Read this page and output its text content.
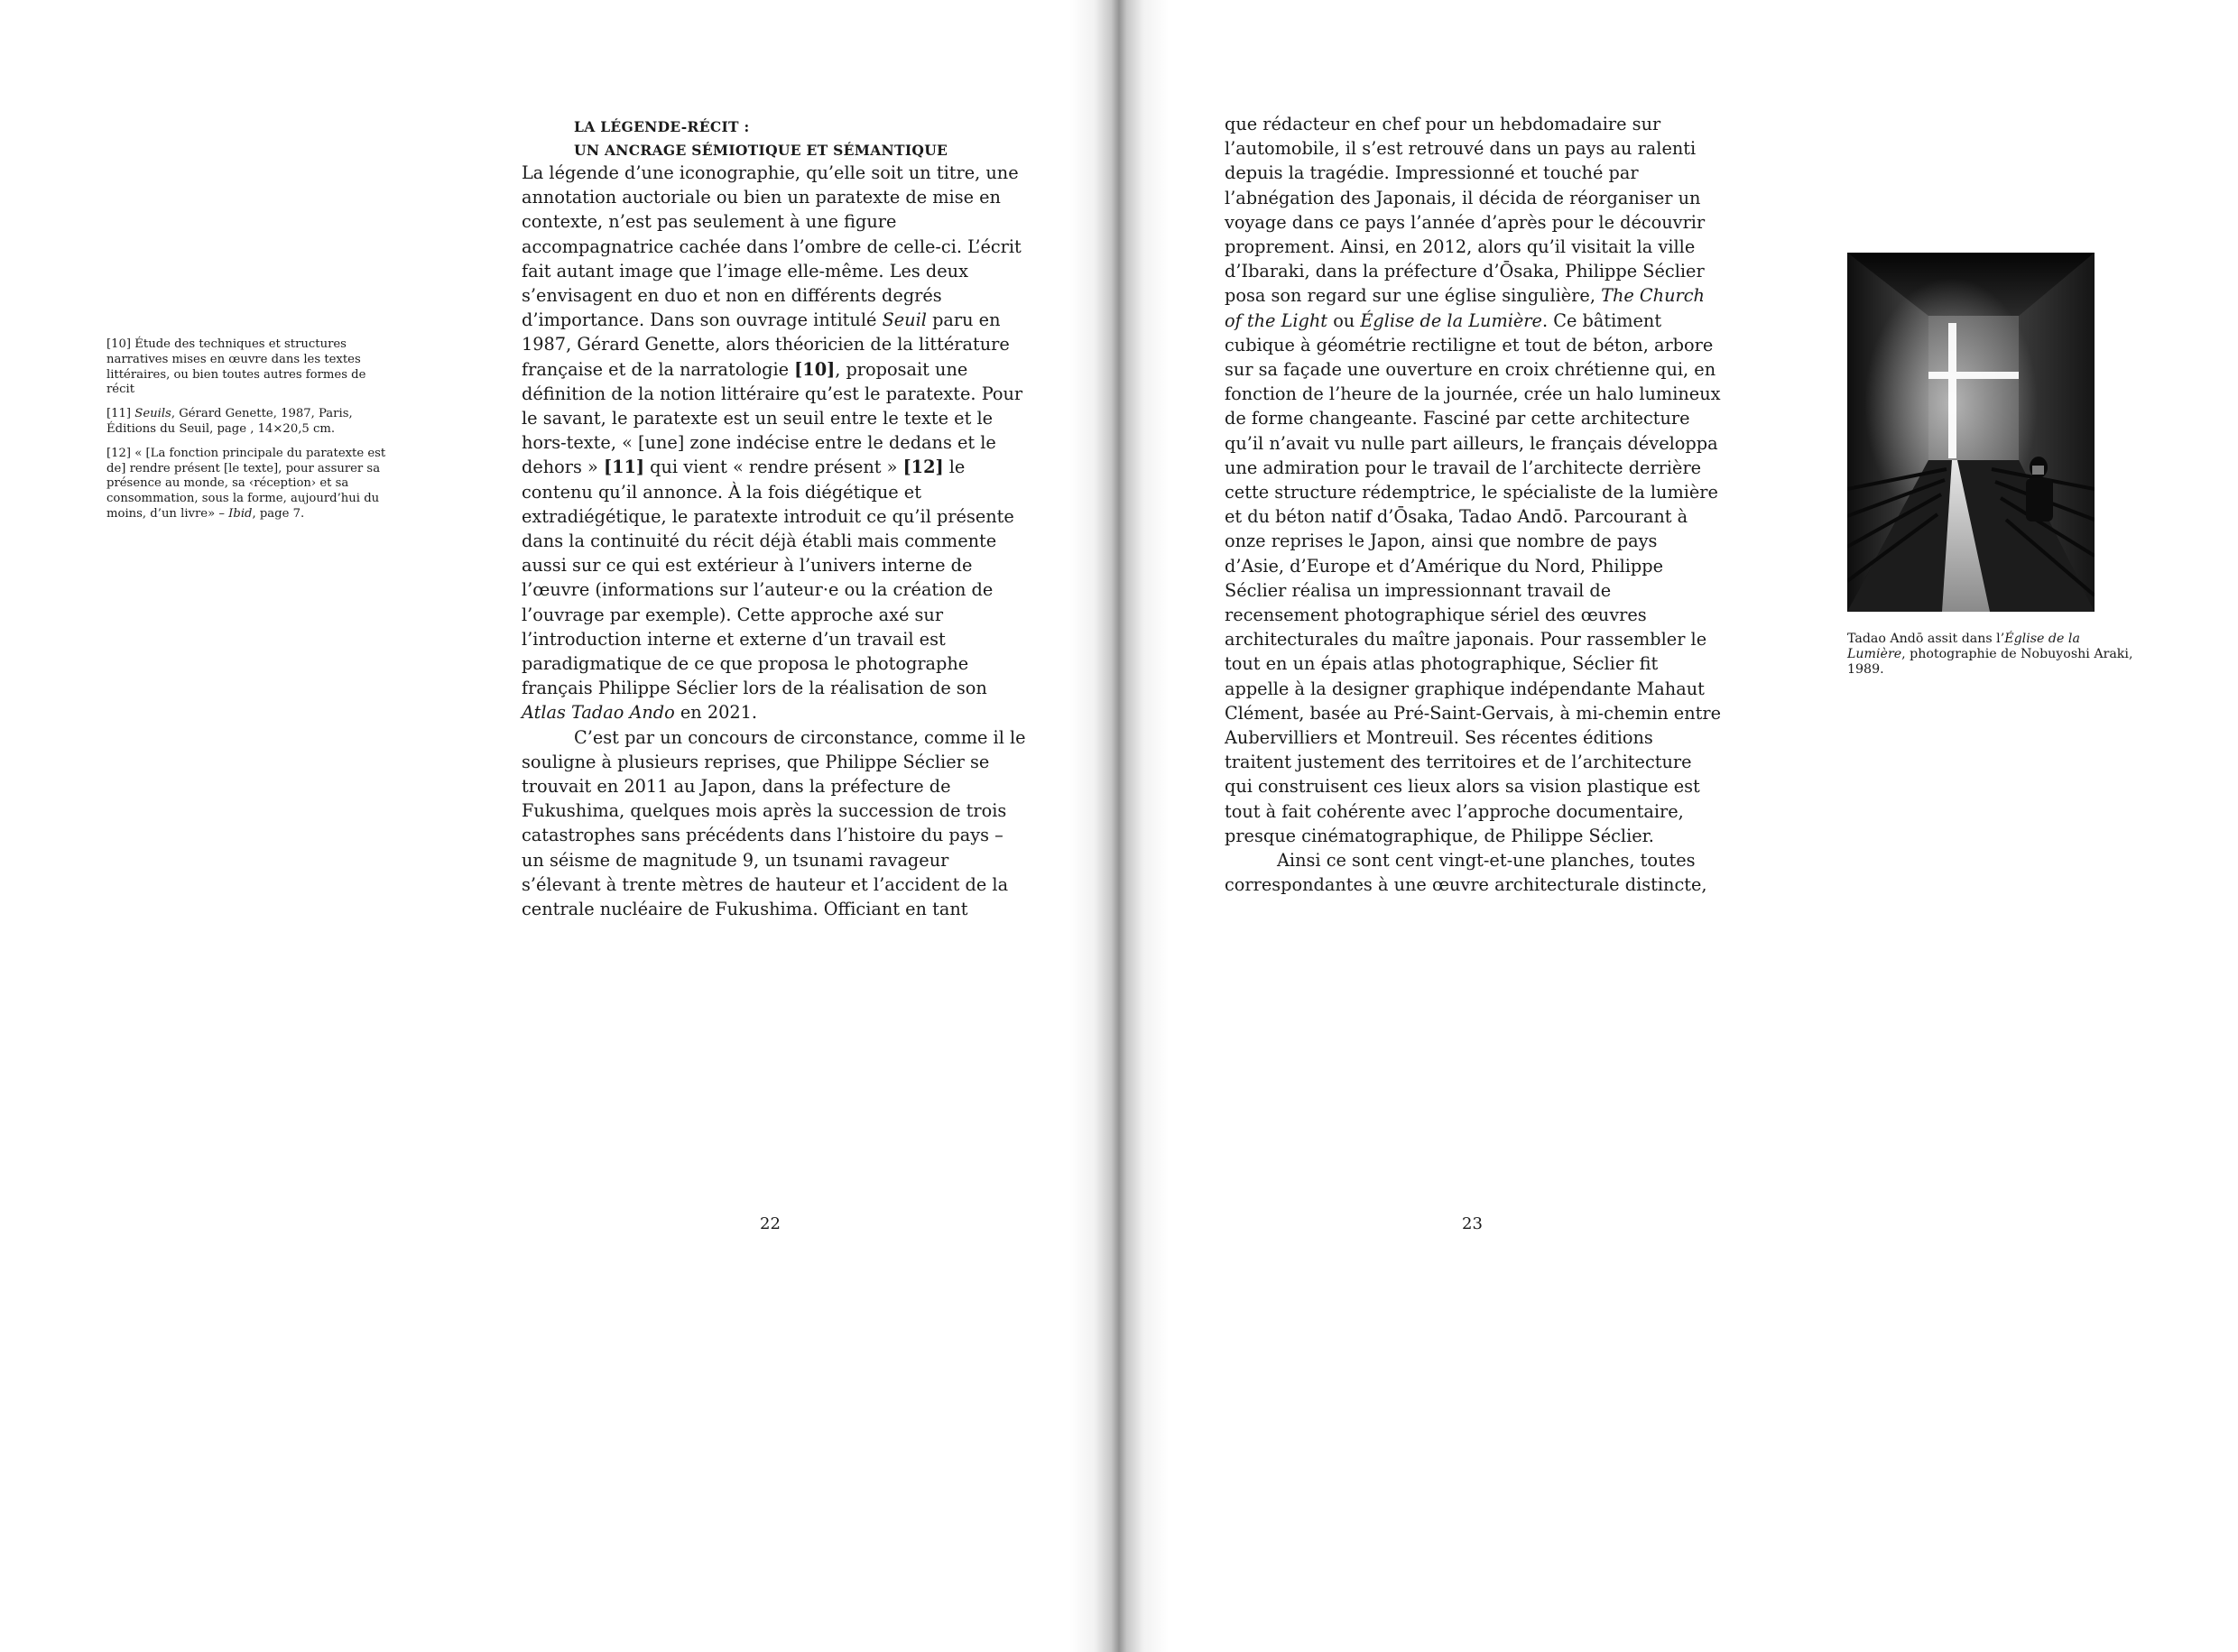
[10] Étude des techniques et structures narratives mises en œuvre dans les textes littéraires, ou bien toutes autres formes de récit

[11] Seuils, Gérard Genette, 1987, Paris, Éditions du Seuil, page , 14×20,5 cm.

[12] « [La fonction principale du paratexte est de] rendre présent [le texte], pour assurer sa présence au monde, sa ‹réception› et sa consommation, sous la forme, aujourd’hui du moins, d’un livre» – Ibid, page 7.

LA LÉGENDE-RÉCIT :
UN ANCRAGE SÉMIOTIQUE ET SÉMANTIQUE

La légende d’une iconographie, qu’elle soit un titre, une annotation auctoriale ou bien un paratexte de mise en contexte, n’est pas seulement à une figure accompagnatrice cachée dans l’ombre de celle-ci. L’écrit fait autant image que l’image elle-même. Les deux s’envisagent en duo et non en différents degrés d’importance. Dans son ouvrage intitulé Seuil paru en 1987, Gérard Genette, alors théoricien de la littérature française et de la narratologie [10], proposait une définition de la notion littéraire qu’est le paratexte. Pour le savant, le paratexte est un seuil entre le texte et le hors-texte, « [une] zone indécise entre le dedans et le dehors » [11] qui vient « rendre présent » [12] le contenu qu’il annonce. À la fois diégétique et extradiégétique, le paratexte introduit ce qu’il présente dans la continuité du récit déjà établi mais commente aussi sur ce qui est extérieur à l’univers interne de l’œuvre (informations sur l’auteur·e ou la création de l’ouvrage par exemple). Cette approche axé sur l’introduction interne et externe d’un travail est paradigmatique de ce que proposa le photographe français Philippe Séclier lors de la réalisation de son Atlas Tadao Ando en 2021.

C’est par un concours de circonstance, comme il le souligne à plusieurs reprises, que Philippe Séclier se trouvait en 2011 au Japon, dans la préfecture de Fukushima, quelques mois après la succession de trois catastrophes sans précédents dans l’histoire du pays – un séisme de magnitude 9, un tsunami ravageur s’élevant à trente mètres de hauteur et l’accident de la centrale nucléaire de Fukushima. Officiant en tant

22	23

que rédacteur en chef pour un hebdomadaire sur l’automobile, il s’est retrouvé dans un pays au ralenti depuis la tragédie. Impressionné et touché par l’abnégation des Japonais, il décida de réorganiser un voyage dans ce pays l’année d’après pour le découvrir proprement. Ainsi, en 2012, alors qu’il visitait la ville d’Ibaraki, dans la préfecture d’Ōsaka, Philippe Séclier posa son regard sur une église singulière, The Church of the Light ou Église de la Lumière. Ce bâtiment cubique à géométrie rectiligne et tout de béton, arbore sur sa façade une ouverture en croix chrétienne qui, en fonction de l’heure de la journée, crée un halo lumineux de forme changeante. Fasciné par cette architecture qu’il n’avait vu nulle part ailleurs, le français développa une admiration pour le travail de l’architecte derrière cette structure rédemptrice, le spécialiste de la lumière et du béton natif d’Ōsaka, Tadao Andō. Parcourant à onze reprises le Japon, ainsi que nombre de pays d’Asie, d’Europe et d’Amérique du Nord, Philippe Séclier réalisa un impressionnant travail de recensement photographique sériel des œuvres architecturales du maître japonais. Pour rassembler le tout en un épais atlas photographique, Séclier fit appelle à la designer graphique indépendante Mahaut Clément, basée au Pré-Saint-Gervais, à mi-chemin entre Aubervilliers et Montreuil. Ses récentes éditions traitent justement des territoires et de l’architecture qui construisent ces lieux alors sa vision plastique est tout à fait cohérente avec l’approche documentaire, presque cinématographique, de Philippe Séclier.

Ainsi ce sont cent vingt-et-une planches, toutes correspondantes à une œuvre architecturale distincte,

Tadao Andō assit dans l’Église de la Lumière, photographie de Nobuyoshi Araki, 1989.
